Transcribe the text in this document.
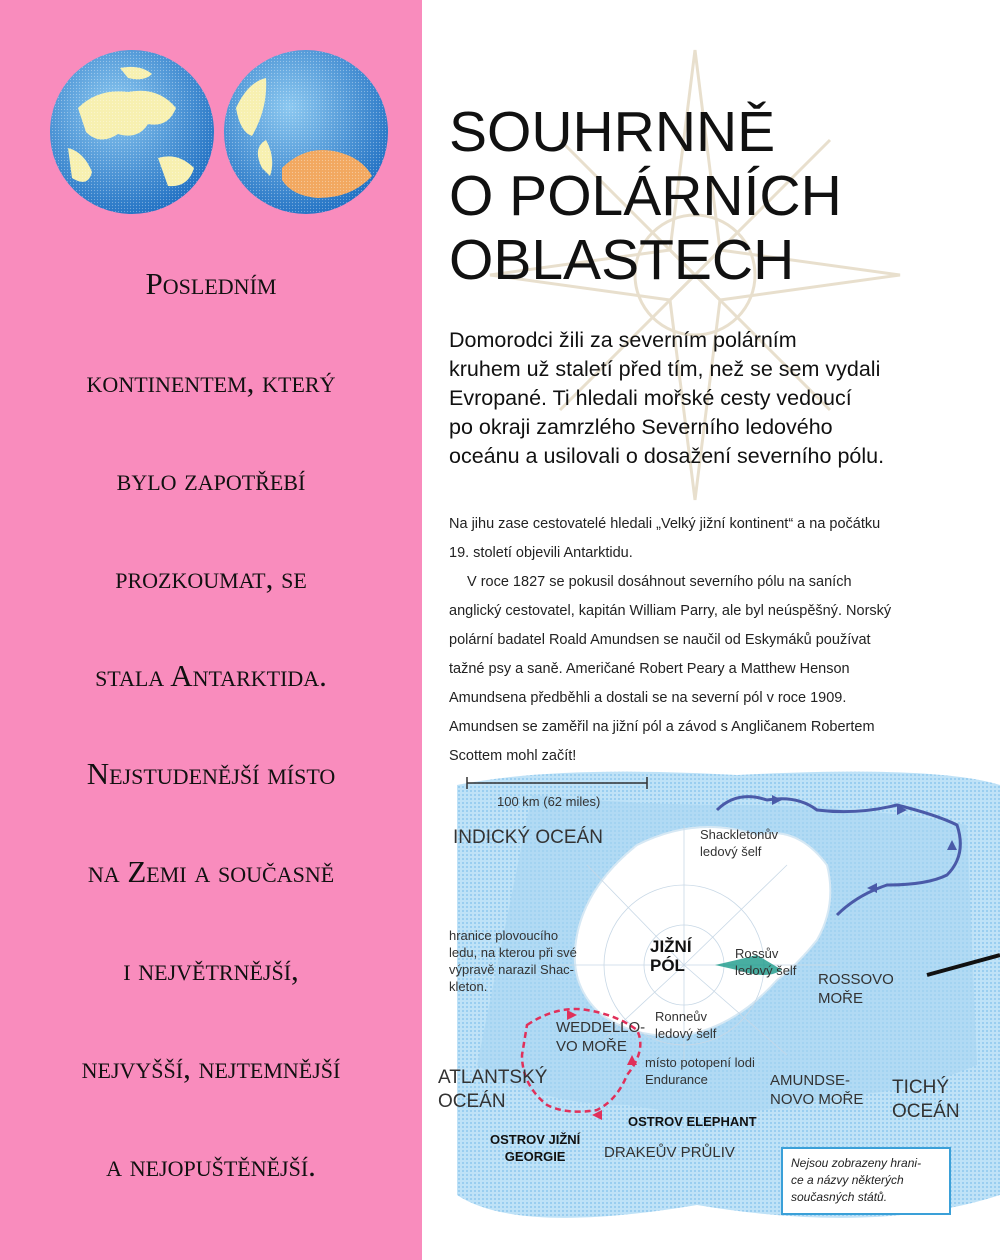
Posledním
kontinentem, který
bylo zapotřebí
prozkoumat, se
stala Antarktida.
Nejstudenější místo
na Zemi a současně
i největrnější,
nejvyšší, nejtemnější
a nejopuštěnější.
SOUHRNNĚ
O POLÁRNÍCH
OBLASTECH
Domorodci žili za severním polárním
kruhem už staletí před tím, než se sem vydali
Evropané. Ti hledali mořské cesty vedoucí
po okraji zamrzlého Severního ledového
oceánu a usilovali o dosažení severního pólu.
Na jihu zase cestovatelé hledali „Velký jižní kontinent“ a na počátku
19. století objevili Antarktidu.
V roce 1827 se pokusil dosáhnout severního pólu na saních
anglický cestovatel, kapitán William Parry, ale byl neúspěšný. Norský
polární badatel Roald Amundsen se naučil od Eskymáků používat
tažné psy a saně. Američané Robert Peary a Matthew Henson
Amundsena předběhli a dostali se na severní pól v roce 1909.
Amundsen se zaměřil na jižní pól a závod s Angličanem Robertem
Scottem mohl začít!
100 km (62 miles)
INDICKÝ OCEÁN	Shackletonův
ledový šelf
hranice plovoucího
ledu, na kterou při své
výpravě narazil Shac-
kleton.
JIŽNÍ
PÓL
Rossův
ledový šelf
ROSSOVO
MOŘE
Ronneův
ledový šelf
WEDDELLO-
VO MOŘE
místo potopení lodi
Endurance
ATLANTSKÝ
OCEÁN
AMUNDSE-
NOVO MOŘE
TICHÝ
OCEÁN
OSTROV ELEPHANT
OSTROV JIŽNÍ
GEORGIE	DRAKEŮV PRŮLIV
Nejsou zobrazeny hrani-
ce a názvy některých
současných států.
